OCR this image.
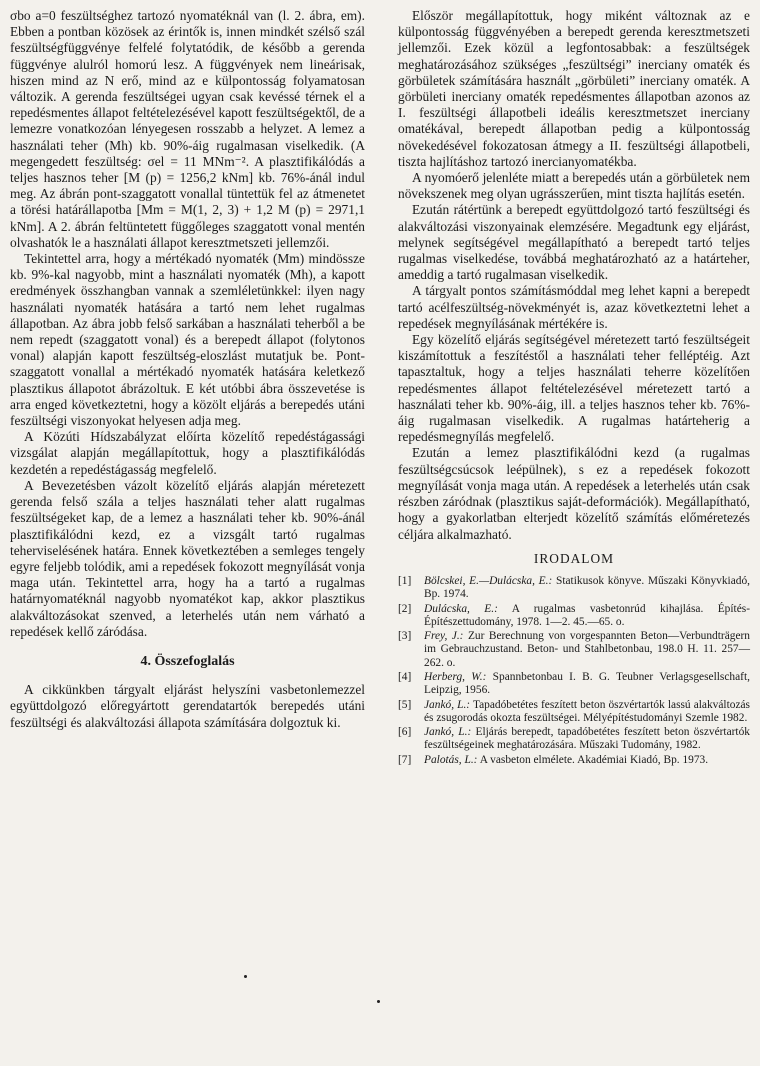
σbo a=0 feszültséghez tartozó nyomatéknál van (l. 2. ábra, em). Ebben a pontban közösek az érintők is, innen mindkét szélső szál feszültségfüggvénye felfelé folytatódik, de később a gerenda függvénye alulról homorú lesz. A függvények nem lineárisak, hiszen mind az N erő, mind az e külpontosság folyamatosan változik. A gerenda feszültségei ugyan csak kevéssé térnek el a repedésmentes állapot feltételezésével kapott feszültségektől, de a lemezre vonatkozóan lényegesen rosszabb a helyzet. A lemez a használati teher (Mh) kb. 90%-áig rugalmasan viselkedik. (A megengedett feszültség: σel = 11 MNm⁻². A plasztifikálódás a teljes hasznos teher [M (p) = 1256,2 kNm] kb. 76%-ánál indul meg. Az ábrán pont-szaggatott vonallal tüntettük fel az átmenetet a törési határállapotba [Mm = M(1, 2, 3) + 1,2 M (p) = 2971,1 kNm]. A 2. ábrán feltüntetett függőleges szaggatott vonal mentén olvashatók le a használati állapot keresztmetszeti jellemzői.

Tekintettel arra, hogy a mértékadó nyomaték (Mm) mindössze kb. 9%-kal nagyobb, mint a használati nyomaték (Mh), a kapott eredmények összhangban vannak a szemléletünkkel: ilyen nagy használati nyomaték hatására a tartó nem lehet rugalmas állapotban. Az ábra jobb felső sarkában a használati teherből a be nem repedt (szaggatott vonal) és a berepedt állapot (folytonos vonal) alapján kapott feszültség-eloszlást mutatjuk be. Pont-szaggatott vonallal a mértékadó nyomaték hatására keletkező plasztikus állapotot ábrázoltuk. E két utóbbi ábra összevetése is arra enged következtetni, hogy a közölt eljárás a berepedés utáni feszültségi viszonyokat helyesen adja meg.

A Közúti Hídszabályzat előírta közelítő repedéstágassági vizsgálat alapján megállapítottuk, hogy a plasztifikálódás kezdetén a repedéstágasság megfelelő.

A Bevezetésben vázolt közelítő eljárás alapján méretezett gerenda felső szála a teljes használati teher alatt rugalmas feszültségeket kap, de a lemez a használati teher kb. 90%-ánál plasztifikálódni kezd, ez a vizsgált tartó rugalmas teherviselésének határa. Ennek következtében a semleges tengely egyre feljebb tolódik, ami a repedések fokozott megnyílását vonja maga után. Tekintettel arra, hogy ha a tartó a rugalmas határnyomatéknál nagyobb nyomatékot kap, akkor plasztikus alakváltozásokat szenved, a leterhelés után nem várható a repedések kellő záródása.

4. Összefoglalás

A cikkünkben tárgyalt eljárást helyszíni vasbetonlemezzel együttdolgozó előregyártott gerendatartók berepedés utáni feszültségi és alakváltozási állapota számítására dolgoztuk ki.

Először megállapítottuk, hogy miként változnak az e külpontosság függvényében a berepedt gerenda keresztmetszeti jellemzői. Ezek közül a legfontosabbak: a feszültségek meghatározásához szükséges „feszültségi” inerciany omaték és görbületek számítására használt „görbületi” inerciany omaték. A görbületi inerciany omaték repedésmentes állapotban azonos az I. feszültségi állapotbeli ideális keresztmetszet inerciany omatékával, berepedt állapotban pedig a külpontosság növekedésével fokozatosan átmegy a II. feszültségi állapotbeli, tiszta hajlításhoz tartozó inercianyomatékba.

A nyomóerő jelenléte miatt a berepedés után a görbületek nem növekszenek meg olyan ugrásszerűen, mint tiszta hajlítás esetén.

Ezután rátértünk a berepedt együttdolgozó tartó feszültségi és alakváltozási viszonyainak elemzésére. Megadtunk egy eljárást, melynek segítségével megállapítható a berepedt tartó teljes rugalmas viselkedése, továbbá meghatározható az a határteher, ameddig a tartó rugalmasan viselkedik.

A tárgyalt pontos számításmóddal meg lehet kapni a berepedt tartó acélfeszültség-növekményét is, azaz következtetni lehet a repedések megnyílásának mértékére is.

Egy közelítő eljárás segítségével méretezett tartó feszültségeit kiszámítottuk a feszítéstől a használati teher felléptéig. Azt tapasztaltuk, hogy a teljes használati teherre közelítően repedésmentes állapot feltételezésével méretezett tartó a használati teher kb. 90%-áig, ill. a teljes hasznos teher kb. 76%-áig rugalmasan viselkedik. A rugalmas határteherig a repedésmegnyílás megfelelő.

Ezután a lemez plasztifikálódni kezd (a rugalmas feszültségcsúcsok leépülnek), s ez a repedések fokozott megnyílását vonja maga után. A repedések a leterhelés után csak részben záródnak (plasztikus saját-deformációk). Megállapítható, hogy a gyakorlatban elterjedt közelítő számítás előméretezés céljára alkalmazható.

IRODALOM
[1]	Bölcskei, E.—Dulácska, E.: Statikusok könyve. Műszaki Könyvkiadó, Bp. 1974.
[2]	Dulácska, E.: A rugalmas vasbetonrúd kihajlása. Építés-Építészettudomány, 1978. 1—2. 45.—65. o.
[3]	Frey, J.: Zur Berechnung von vorgespannten Beton—Verbundträgern im Gebrauchzustand. Beton- und Stahlbetonbau, 198.0 H. 11. 257—262. o.
[4]	Herberg, W.: Spannbetonbau I. B. G. Teubner Verlagsgesellschaft, Leipzig, 1956.
[5]	Jankó, L.: Tapadóbetétes feszített beton öszvértartók lassú alakváltozás és zsugorodás okozta feszültségei. Mélyépítéstudományi Szemle 1982.
[6]	Jankó, L.: Eljárás berepedt, tapadóbetétes feszített beton öszvértartók feszültségeinek meghatározására. Műszaki Tudomány, 1982.
[7]	Palotás, L.: A vasbeton elmélete. Akadémiai Kiadó, Bp. 1973.
